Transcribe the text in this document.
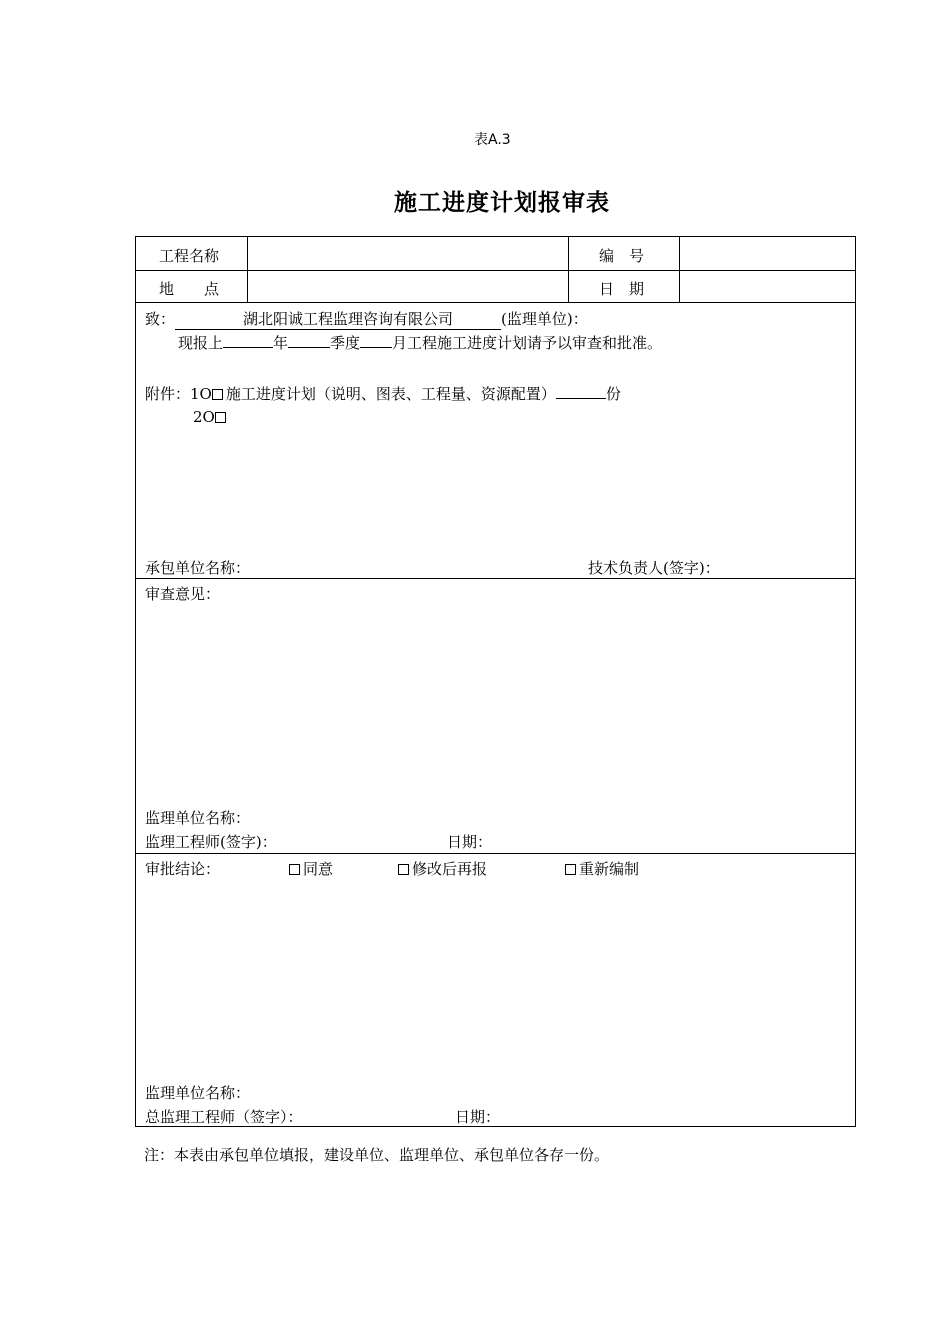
表A.3
施工进度计划报审表
工程名称	编　号
地　　点	日　期
致：	湖北阳诚工程监理咨询有限公司	(监理单位)：
现报上	年	季度 月工程施工进度计划请予以审查和批准。
附件：1O 施工进度计划（说明、图表、工程量、资源配置）	份
2O
承包单位名称：	技术负责人(签字)：
审查意见：
监理单位名称：
监理工程师(签字)：	日期：
审批结论：	同意	修改后再报	重新编制
监理单位名称：
总监理工程师（签字）：	日期：
注：本表由承包单位填报，建设单位、监理单位、承包单位各存一份。
